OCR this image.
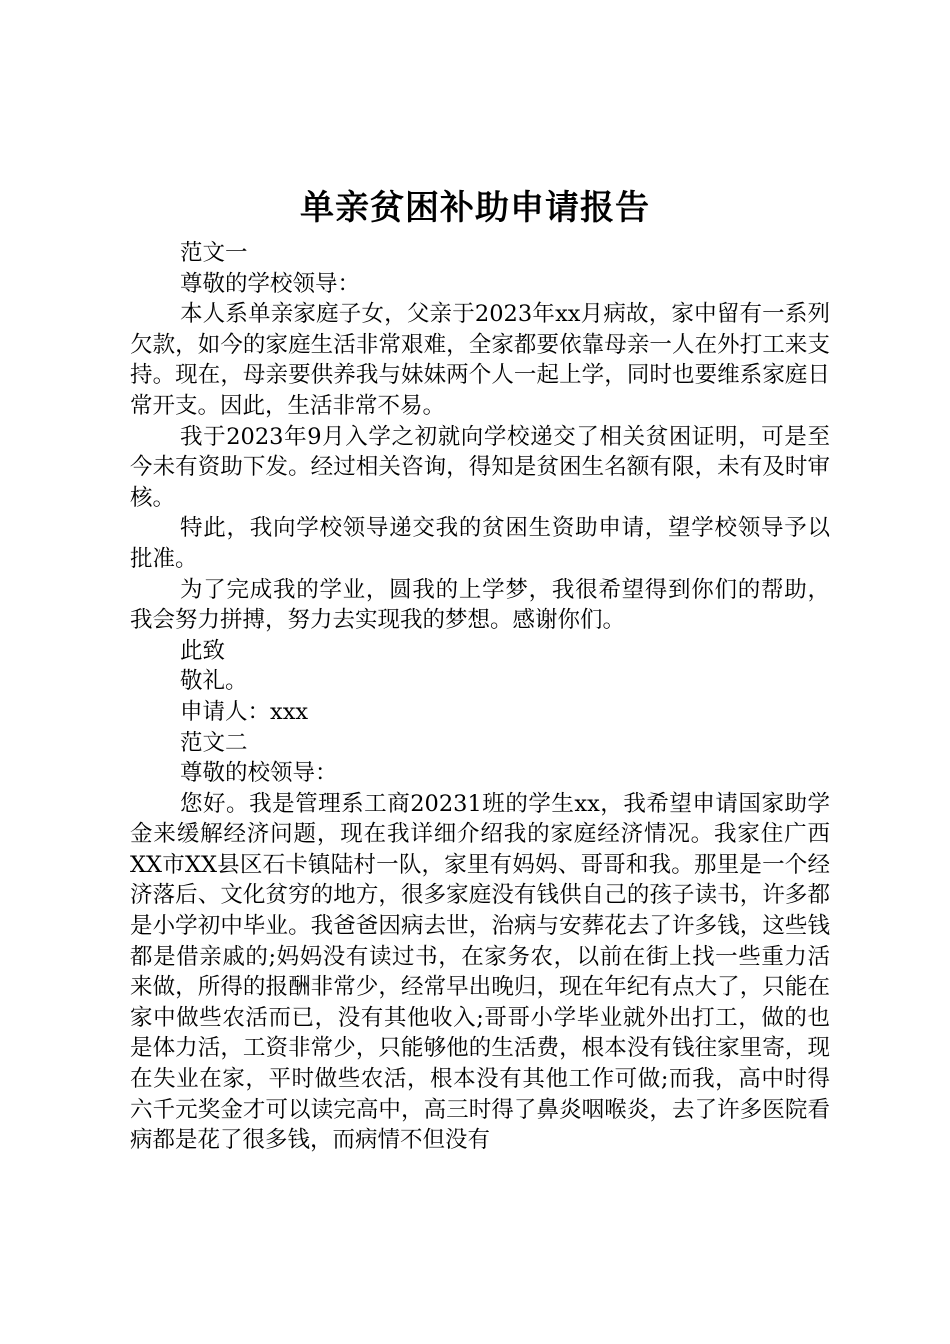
单亲贫困补助申请报告

范文一

尊敬的学校领导：

本人系单亲家庭子女，父亲于2023年xx月病故，家中留有一系列欠款，如今的家庭生活非常艰难，全家都要依靠母亲一人在外打工来支持。现在，母亲要供养我与妹妹两个人一起上学，同时也要维系家庭日常开支。因此，生活非常不易。

我于2023年9月入学之初就向学校递交了相关贫困证明，可是至今未有资助下发。经过相关咨询，得知是贫困生名额有限，未有及时审核。

特此，我向学校领导递交我的贫困生资助申请，望学校领导予以批准。

为了完成我的学业，圆我的上学梦，我很希望得到你们的帮助，我会努力拼搏，努力去实现我的梦想。感谢你们。

此致

敬礼。

申请人：xxx

范文二

尊敬的校领导：

您好。我是管理系工商20231班的学生xx，我希望申请国家助学金来缓解经济问题，现在我详细介绍我的家庭经济情况。我家住广西XX市XX县区石卡镇陆村一队，家里有妈妈、哥哥和我。那里是一个经济落后、文化贫穷的地方，很多家庭没有钱供自己的孩子读书，许多都是小学初中毕业。我爸爸因病去世，治病与安葬花去了许多钱，这些钱都是借亲戚的;妈妈没有读过书，在家务农，以前在街上找一些重力活来做，所得的报酬非常少，经常早出晚归，现在年纪有点大了，只能在家中做些农活而已，没有其他收入;哥哥小学毕业就外出打工，做的也是体力活，工资非常少，只能够他的生活费，根本没有钱往家里寄，现在失业在家，平时做些农活，根本没有其他工作可做;而我，高中时得六千元奖金才可以读完高中，高三时得了鼻炎咽喉炎，去了许多医院看病都是花了很多钱，而病情不但没有
